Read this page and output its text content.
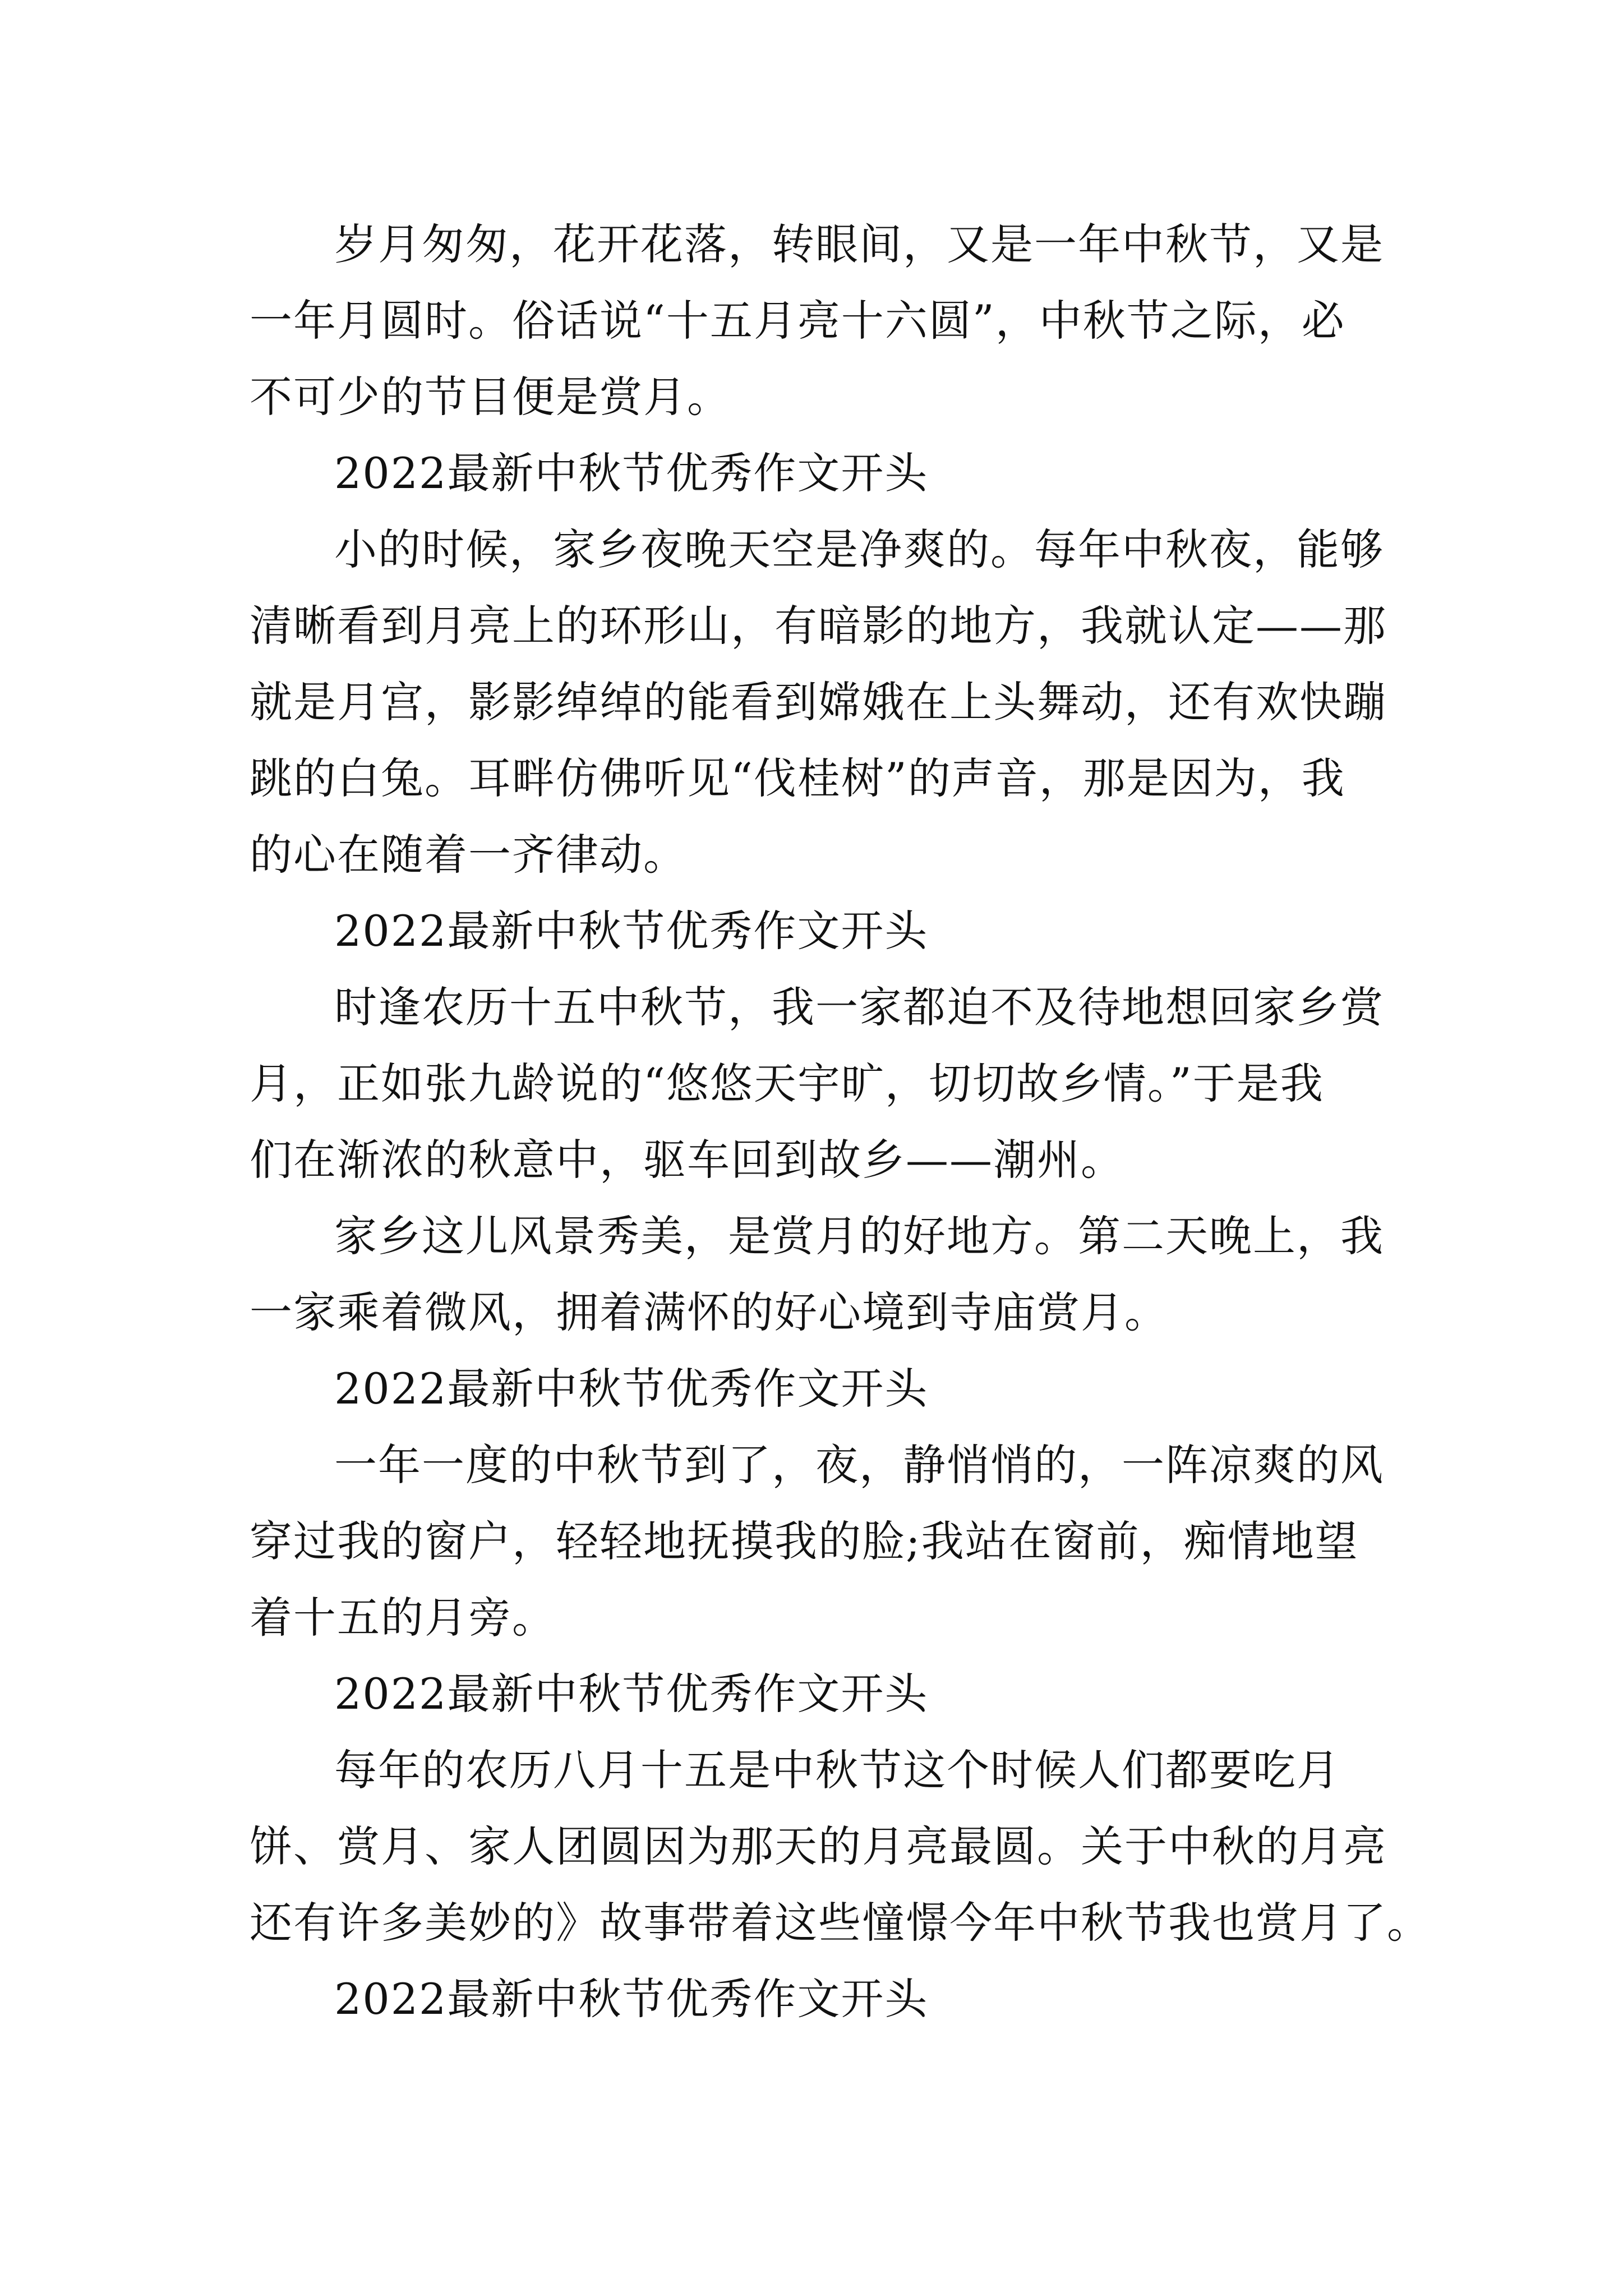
岁月匆匆，花开花落，转眼间，又是一年中秋节，又是
一年月圆时。俗话说“十五月亮十六圆”，中秋节之际，必
不可少的节目便是赏月。
2022最新中秋节优秀作文开头
小的时候，家乡夜晚天空是净爽的。每年中秋夜，能够
清晰看到月亮上的环形山，有暗影的地方，我就认定——那
就是月宫，影影绰绰的能看到嫦娥在上头舞动，还有欢快蹦
跳的白兔。耳畔仿佛听见“伐桂树”的声音，那是因为，我
的心在随着一齐律动。
2022最新中秋节优秀作文开头
时逢农历十五中秋节，我一家都迫不及待地想回家乡赏
月，正如张九龄说的“悠悠天宇旷，切切故乡情。”于是我
们在渐浓的秋意中，驱车回到故乡——潮州。
家乡这儿风景秀美，是赏月的好地方。第二天晚上，我
一家乘着微风，拥着满怀的好心境到寺庙赏月。
2022最新中秋节优秀作文开头
一年一度的中秋节到了，夜，静悄悄的，一阵凉爽的风
穿过我的窗户，轻轻地抚摸我的脸;我站在窗前，痴情地望
着十五的月旁。
2022最新中秋节优秀作文开头
每年的农历八月十五是中秋节这个时候人们都要吃月
饼、赏月、家人团圆因为那天的月亮最圆。关于中秋的月亮
还有许多美妙的》故事带着这些憧憬今年中秋节我也赏月了。
2022最新中秋节优秀作文开头
